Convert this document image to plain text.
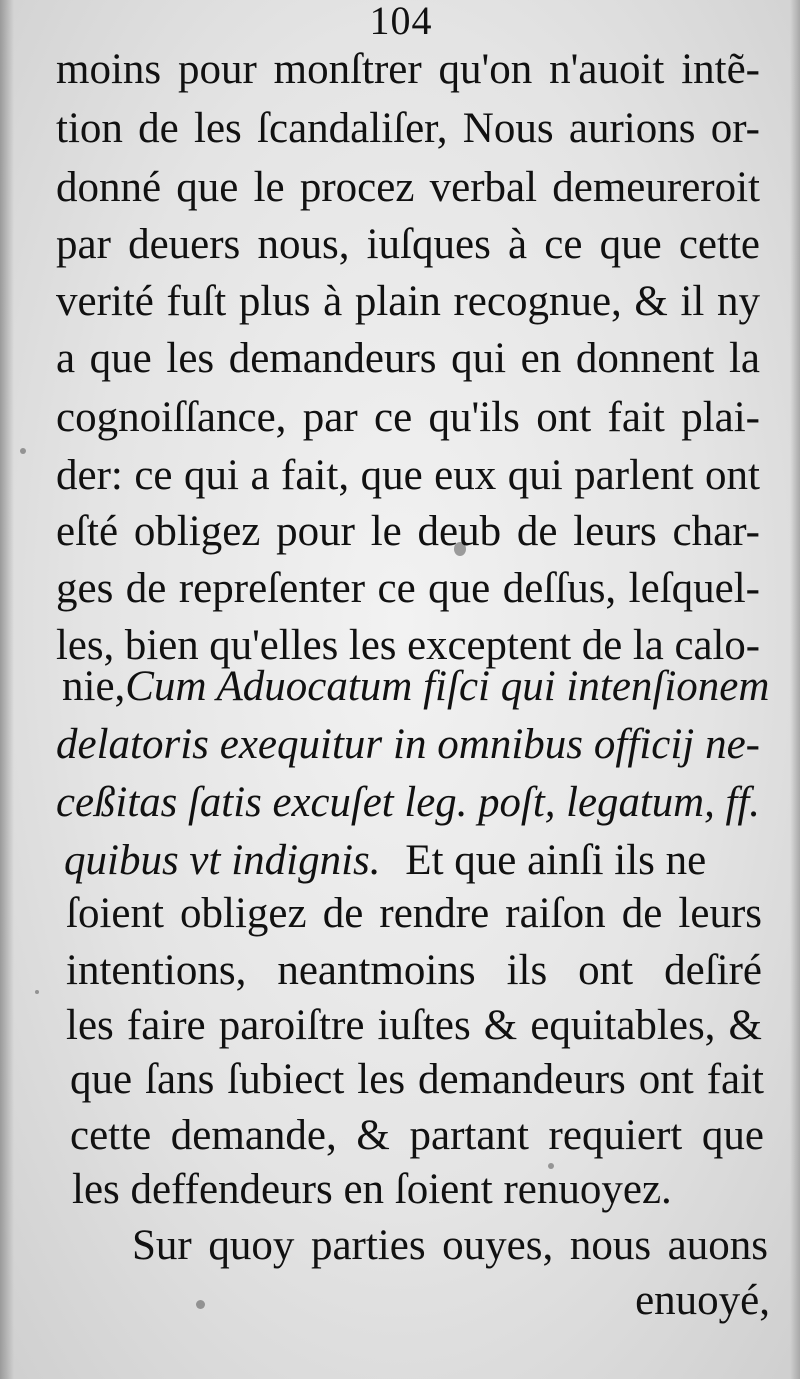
104
moins pour monſtrer qu'on n'auoit intẽ-
tion de les ſcandaliſer, Nous aurions or-
donné que le procez verbal demeureroit
par deuers nous, iuſques à ce que cette
verité fuſt plus à plain recognue, & il ny
a que les demandeurs qui en donnent la
cognoiſſance, par ce qu'ils ont fait plai-
der: ce qui a fait, que eux qui parlent ont
eſté obligez pour le deub de leurs char-
ges de repreſenter ce que deſſus, leſquel-
les, bien qu'elles les exceptent de la calo-
nie,Cum Aduocatum fiſci qui intenſionem
delatoris exequitur in omnibus officij ne-
ceßitas ſatis excuſet leg. poſt, legatum, ff.
quibus vt indignis. Et que ainſi ils ne
ſoient obligez de rendre raiſon de leurs
intentions, neantmoins ils ont deſiré
les faire paroiſtre iuſtes & equitables, &
que ſans ſubiect les demandeurs ont fait
cette demande, & partant requiert que
les deffendeurs en ſoient renuoyez.
Sur quoy parties ouyes, nous auons
enuoyé,
